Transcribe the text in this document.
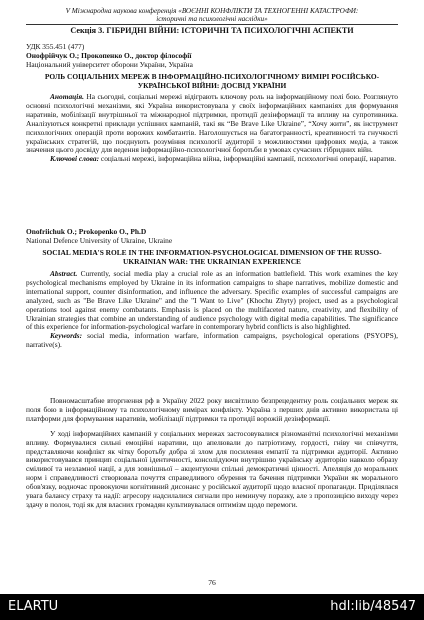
V Міжнародна наукова конференція «ВОЄННІ КОНФЛІКТИ ТА ТЕХНОГЕННІ КАТАСТРОФИ:
історичні та психологічні наслідки»
Секція 3. ГІБРИДНІ ВІЙНИ: ІСТОРИЧНІ ТА ПСИХОЛОГІЧНІ АСПЕКТИ

УДК 355.451 (477)

Онофрійчук О.; Прокопенко О., доктор філософії

Національний університет оборони України, Україна

РОЛЬ СОЦІАЛЬНИХ МЕРЕЖ В ІНФОРМАЦІЙНО-ПСИХОЛОГІЧНОМУ ВИМІРІ РОСІЙСЬКО-УКРАЇНСЬКОЇ ВІЙНИ: ДОСВІД УКРАЇНИ

Анотація. На сьогодні, соціальні мережі відіграють ключову роль на інформаційному полі бою. Розглянуто основні психологічні механізми, які Україна використовувала у своїх інформаційних кампаніях для формування наративів, мобілізації внутрішньої та міжнародної підтримки, протидії дезінформації та впливу на супротивника. Аналізуються конкретні приклади успішних кампаній, такі як “Be Brave Like Ukraine”, “Хочу жити”, як інструмент психологічних операцій проти ворожих комбатантів. Наголошується на багатогранності, креативності та гнучкості українських стратегій, що поєднують розуміння психології аудиторії з можливостями цифрових медіа, а також значення цього досвіду для ведення інформаційно-психологічної боротьби в умовах сучасних гібридних війн.

Ключові слова: соціальні мережі, інформаційна війна, інформаційні кампанії, психологічні операції, наратив.

Onofriichuk O.; Prokopenko O., Ph.D

National Defence University of Ukraine, Ukraine

SOCIAL MEDIA'S ROLE IN THE INFORMATION-PSYCHOLOGICAL DIMENSION OF THE RUSSO-UKRAINIAN WAR: THE UKRAINIAN EXPERIENCE

Abstract. Currently, social media play a crucial role as an information battlefield. This work examines the key psychological mechanisms employed by Ukraine in its information campaigns to shape narratives, mobilize domestic and international support, counter disinformation, and influence the adversary. Specific examples of successful campaigns are analyzed, such as "Be Brave Like Ukraine" and the "I Want to Live" (Khochu Zhyty) project, used as a psychological operations tool against enemy combatants. Emphasis is placed on the multifaceted nature, creativity, and flexibility of Ukrainian strategies that combine an understanding of audience psychology with digital media capabilities. The significance of this experience for information-psychological warfare in contemporary hybrid conflicts is also highlighted.

Keywords: social media, information warfare, information campaigns, psychological operations (PSYOPS), narrative(s).

Повномасштабне вторгнення рф в Україну 2022 року висвітлило безпрецедентну роль соціальних мереж як поля бою в інформаційному та психологічному вимірах конфлікту. Україна з перших днів активно використала ці платформи для формування наративів, мобілізації підтримки та протидії ворожій дезінформації.

У ході інформаційних кампаній у соціальних мережах застосовувалися різноманітні психологічні механізми впливу. Формувалися сильні емоційні наративи, що апелювали до патріотизму, гордості, гніву чи співчуття, представляючи конфлікт як чітку боротьбу добра зі злом для посилення емпатії та підтримки аудиторії. Активно використовувався принцип соціальної ідентичності, консолідуючи внутрішню українську аудиторію навколо образу сміливої та незламної нації, а для зовнішньої – акцентуючи спільні демократичні цінності. Апеляція до моральних норм і справедливості створювала почуття справедливого обурення та бачення підтримки України як морального обов'язку, водночас провокуючи когнітивний дисонанс у російської аудиторії щодо власної пропаганди. Приділялася увага балансу страху та надії: агресору надсилалися сигнали про неминучу поразку, але з пропозицією виходу через здачу в полон, тоді як для власних громадян культивувалася оптимізм щодо перемоги.

76
ELARTU	hdl:lib/48547
